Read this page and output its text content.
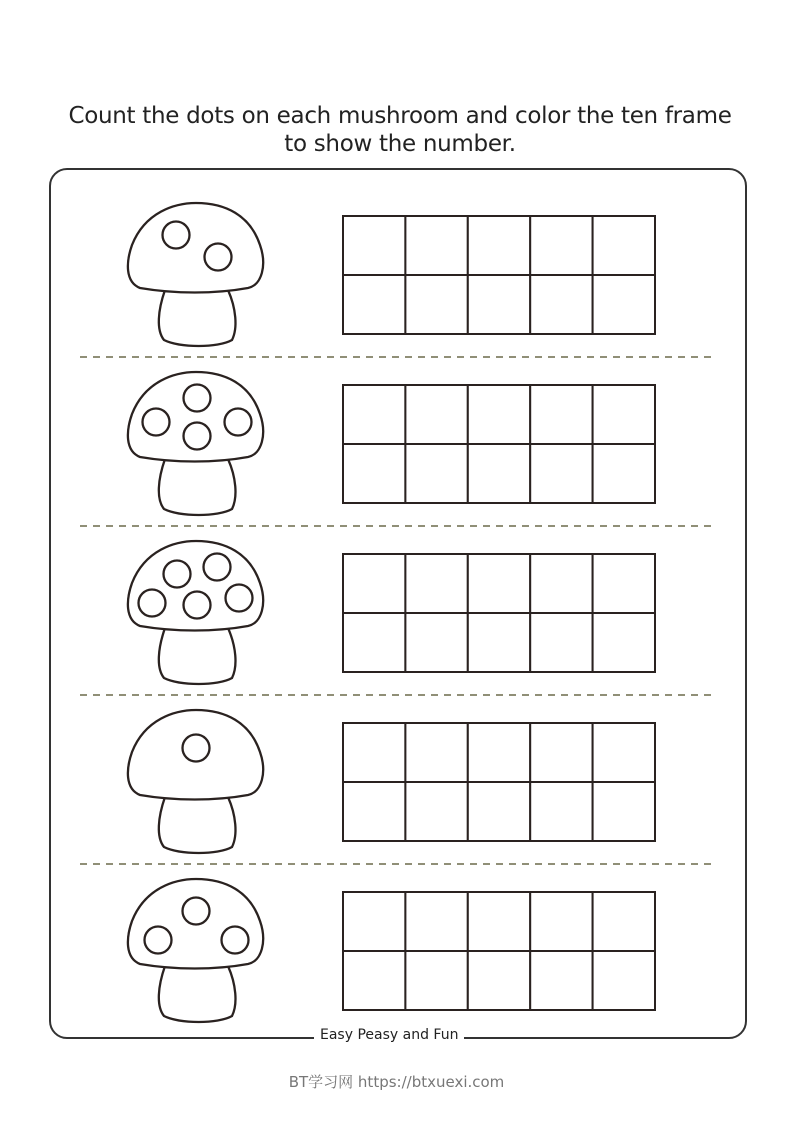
Count the dots on each mushroom and color the ten frame
to show the number.
Easy Peasy and Fun
BT学习网 https://btxuexi.com
